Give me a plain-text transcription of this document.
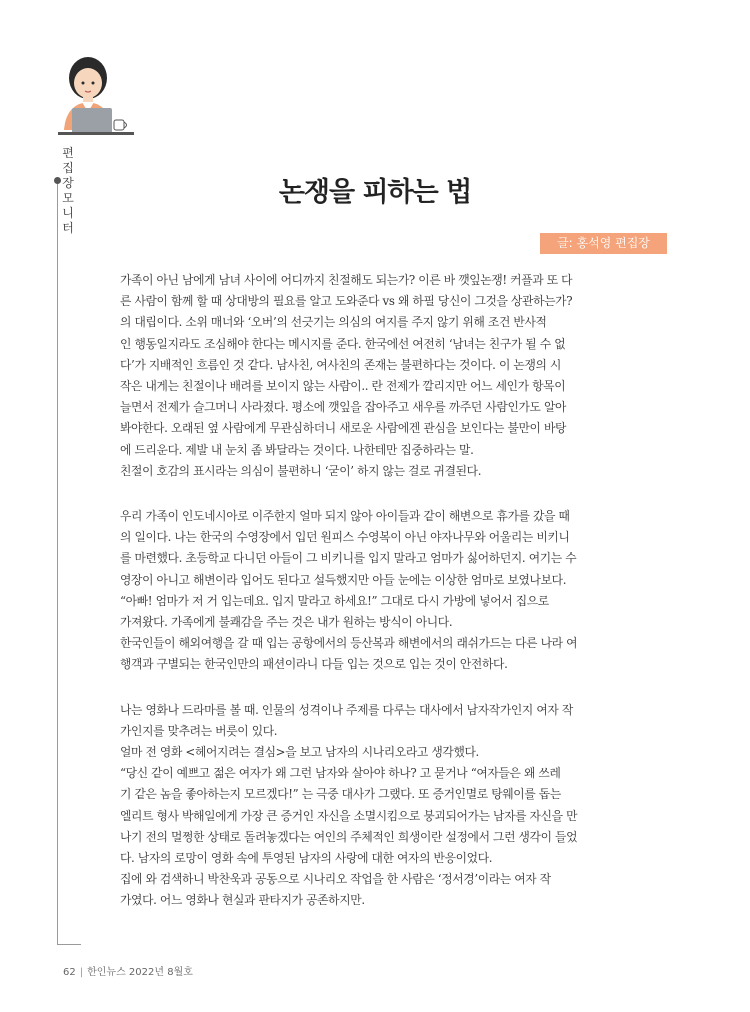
편
집
장
모
니
터
논쟁을 피하는 법
글: 홍석영 편집장
가족이 아닌 남에게 남녀 사이에 어디까지 친절해도 되는가? 이른 바 깻잎논쟁! 커플과 또 다
른 사람이 함께 할 때 상대방의 필요를 알고 도와준다 vs 왜 하필 당신이 그것을 상관하는가?
의 대립이다. 소위 매너와 ‘오버’의 선긋기는 의심의 여지를 주지 않기 위해 조건 반사적
인 행동일지라도 조심해야 한다는 메시지를 준다. 한국에선 여전히 ‘남녀는 친구가 될 수 없
다’가 지배적인 흐름인 것 같다. 남사친, 여사친의 존재는 불편하다는 것이다. 이 논쟁의 시
작은 내게는 친절이나 배려를 보이지 않는 사람이.. 란 전제가 깔리지만 어느 세인가 항목이
늘면서 전제가 슬그머니 사라졌다. 평소에 깻잎을 잡아주고 새우를 까주던 사람인가도 알아
봐야한다. 오래된 옆 사람에게 무관심하더니 새로운 사람에겐 관심을 보인다는 불만이 바탕
에 드리운다. 제발 내 눈치 좀 봐달라는 것이다. 나한테만 집중하라는 말.
친절이 호감의 표시라는 의심이 불편하니 ‘굳이’ 하지 않는 걸로 귀결된다.
우리 가족이 인도네시아로 이주한지 얼마 되지 않아 아이들과 같이 해변으로 휴가를 갔을 때
의 일이다. 나는 한국의 수영장에서 입던 원피스 수영복이 아닌 야자나무와 어울리는 비키니
를 마련했다. 초등학교 다니던 아들이 그 비키니를 입지 말라고 엄마가 싫어하던지. 여기는 수
영장이 아니고 해변이라 입어도 된다고 설득했지만 아들 눈에는 이상한 엄마로 보였나보다.
“아빠! 엄마가 저 거 입는데요. 입지 말라고 하세요!” 그대로 다시 가방에 넣어서 집으로
가져왔다. 가족에게 불쾌감을 주는 것은 내가 원하는 방식이 아니다.
한국인들이 해외여행을 갈 때 입는 공항에서의 등산복과 해변에서의 래쉬가드는 다른 나라 여
행객과 구별되는 한국인만의 패션이라니 다들 입는 것으로 입는 것이 안전하다.
나는 영화나 드라마를 볼 때. 인물의 성격이나 주제를 다루는 대사에서 남자작가인지 여자 작
가인지를 맞추려는 버릇이 있다.
얼마 전 영화 <헤어지려는 결심>을 보고 남자의 시나리오라고 생각했다.
“당신 같이 예쁘고 젊은 여자가 왜 그런 남자와 살아야 하나? 고 묻거나 “여자들은 왜 쓰레
기 같은 놈을 좋아하는지 모르겠다!” 는 극중 대사가 그랬다. 또 증거인멸로 탕웨이를 돕는
엘리트 형사 박해일에게 가장 큰 증거인 자신을 소멸시킴으로 붕괴되어가는 남자를 자신을 만
나기 전의 멀쩡한 상태로 돌려놓겠다는 여인의 주체적인 희생이란 설정에서 그런 생각이 들었
다. 남자의 로망이 영화 속에 투영된 남자의 사랑에 대한 여자의 반응이었다.
집에 와 검색하니 박찬욱과 공동으로 시나리오 작업을 한 사람은 ‘정서경’이라는 여자 작
가였다. 어느 영화나 현실과 판타지가 공존하지만.
62 | 한인뉴스 2022년 8월호
